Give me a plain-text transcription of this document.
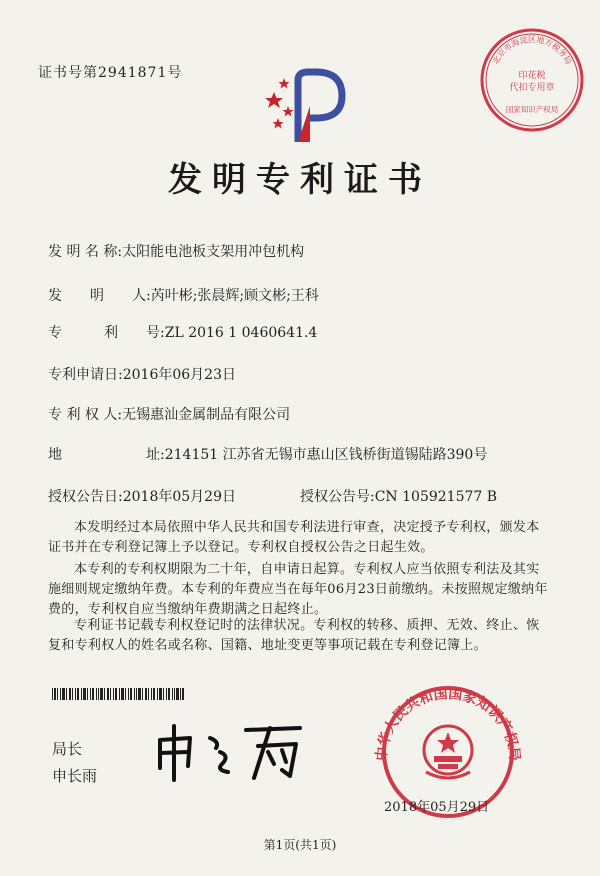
证书号第2941871号
北京市海淀区地方税务局
印花税
代扣专用章
国家知识产权局
发明专利证书
发 明 名 称:太阳能电池板支架用冲包机构
发　　明　　人:芮叶彬;张晨辉;顾文彬;王科
专　　　利　　号:ZL 2016 1 0460641.4
专利申请日:2016年06月23日
专 利 权 人:无锡惠汕金属制品有限公司
地　　　　　　址:214151 江苏省无锡市惠山区钱桥街道锡陆路390号
授权公告日:2018年05月29日	授权公告号:CN 105921577 B
本发明经过本局依照中华人民共和国专利法进行审查，决定授予专利权，颁发本证书并在专利登记簿上予以登记。专利权自授权公告之日起生效。
本专利的专利权期限为二十年，自申请日起算。专利权人应当依照专利法及其实施细则规定缴纳年费。本专利的年费应当在每年06月23日前缴纳。未按照规定缴纳年费的，专利权自应当缴纳年费期满之日起终止。
专利证书记载专利权登记时的法律状况。专利权的转移、质押、无效、终止、恢复和专利权人的姓名或名称、国籍、地址变更等事项记载在专利登记簿上。
局长
申长雨
中华人民共和国国家知识产权局
2018年05月29日
第1页(共1页)
